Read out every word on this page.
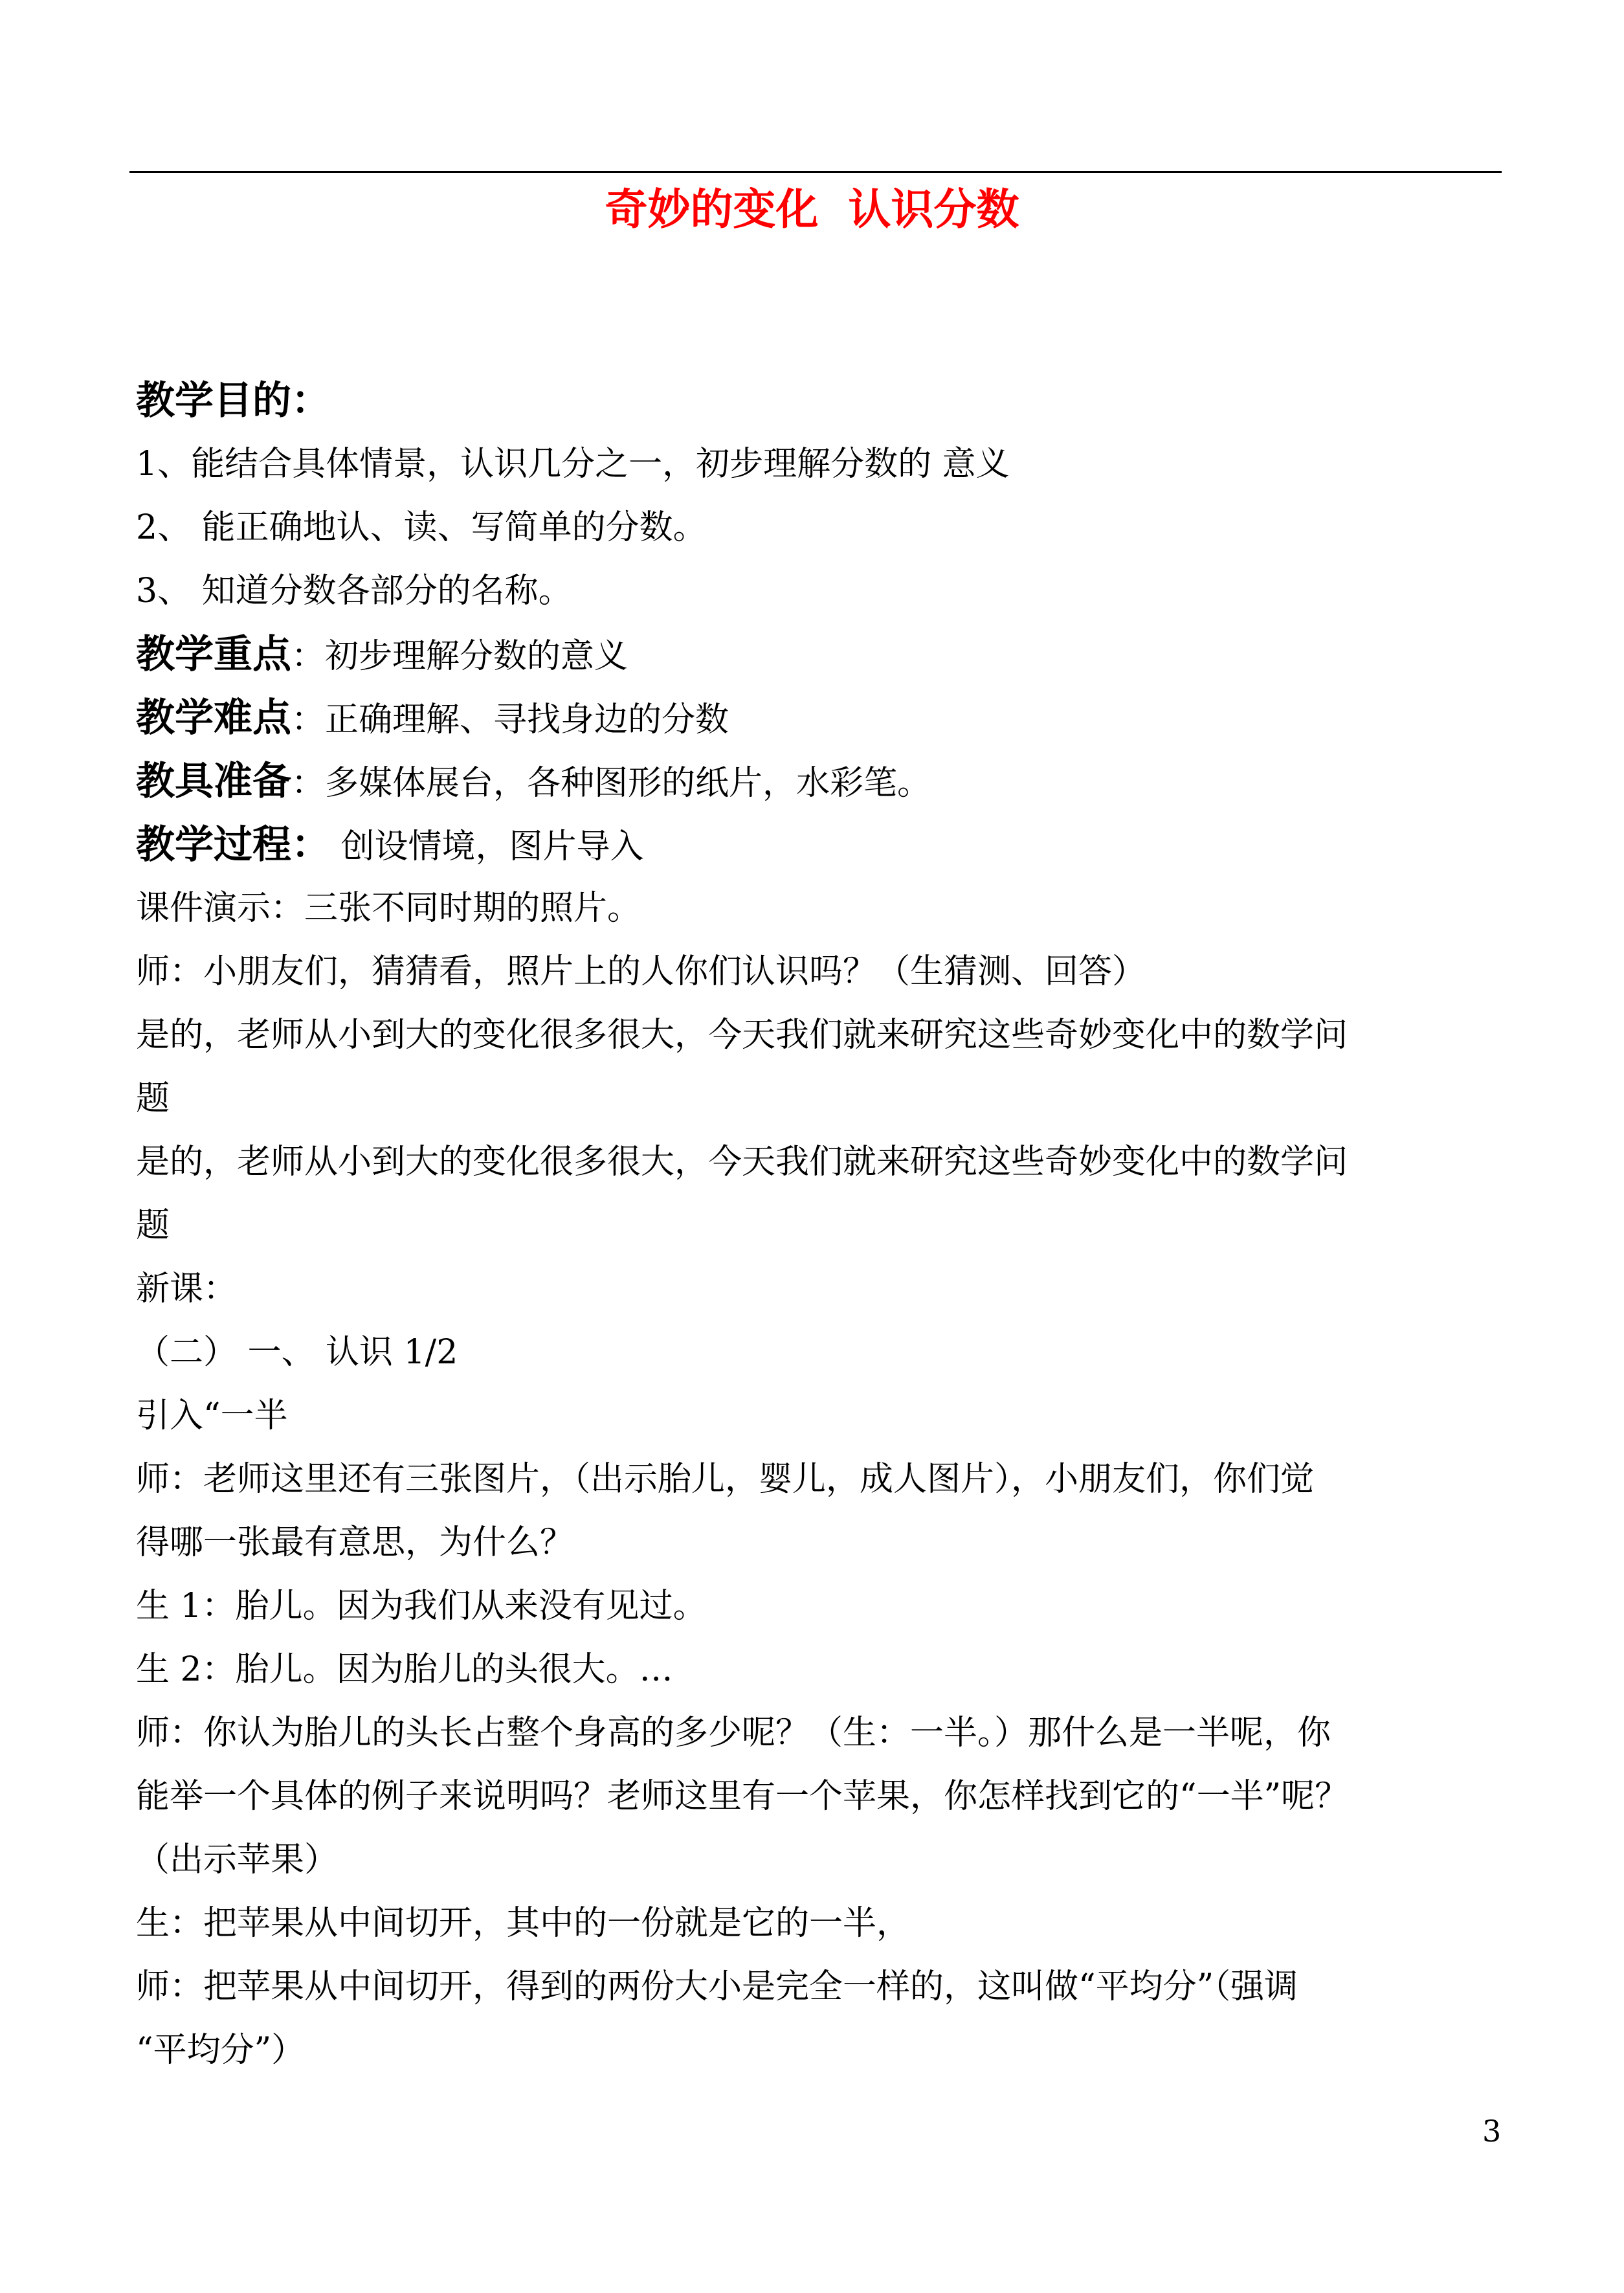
奇妙的变化  认识分数
教学目的：
1、能结合具体情景，认识几分之一，初步理解分数的 意义
2、 能正确地认、读、写简单的分数。
3、 知道分数各部分的名称。
教学重点：初步理解分数的意义
教学难点：正确理解、寻找身边的分数
教具准备：多媒体展台，各种图形的纸片，水彩笔。
教学过程： 创设情境，图片导入
课件演示：三张不同时期的照片。
师：小朋友们，猜猜看，照片上的人你们认识吗？（生猜测、回答）
是的，老师从小到大的变化很多很大，今天我们就来研究这些奇妙变化中的数学问
题
是的，老师从小到大的变化很多很大，今天我们就来研究这些奇妙变化中的数学问
题
新课：
（二） 一、 认识 1/2
引入“一半
师：老师这里还有三张图片，（出示胎儿，婴儿，成人图片），小朋友们，你们觉
得哪一张最有意思，为什么？
生 1：胎儿。因为我们从来没有见过。
生 2：胎儿。因为胎儿的头很大。…
师：你认为胎儿的头长占整个身高的多少呢？（生：一半。）那什么是一半呢，你
能举一个具体的例子来说明吗？老师这里有一个苹果，你怎样找到它的“一半”呢？
（出示苹果）
生：把苹果从中间切开，其中的一份就是它的一半，
师：把苹果从中间切开，得到的两份大小是完全一样的，这叫做“平均分”（强调
“平均分”）
3
